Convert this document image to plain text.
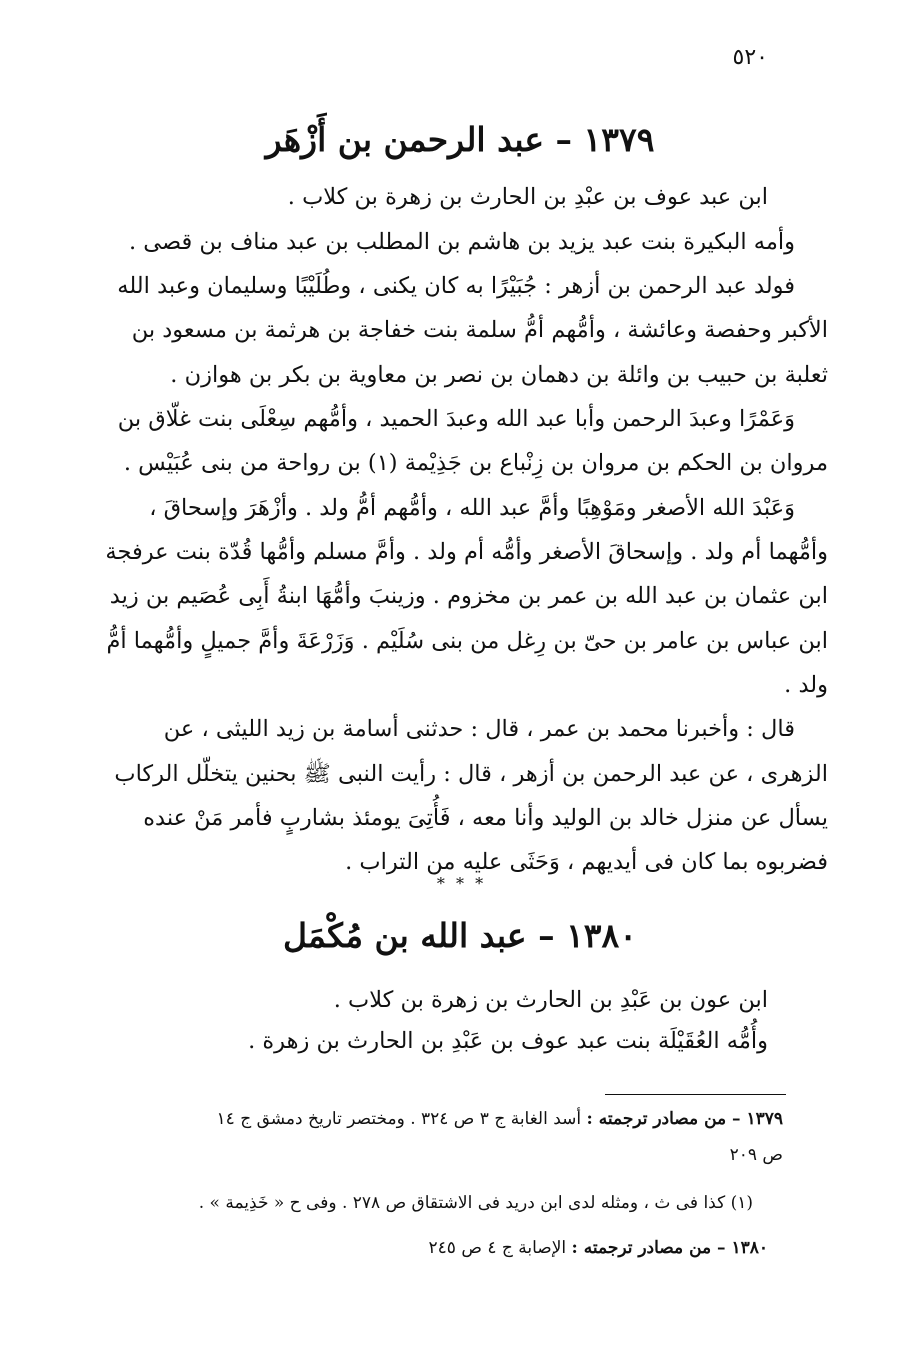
٥٢٠
١٣٧٩ – عبد الرحمن بن أَزْهَر
ابن عبد عوف بن عبْدِ بن الحارث بن زهرة بن كلاب .
وأمه البكيرة بنت عبد يزيد بن هاشم بن المطلب بن عبد مناف بن قصى .
فولد عبد الرحمن بن أزهر : جُبَيْرًا به كان يكنى ، وطُلَيْبًا وسليمان وعبد الله
الأكبر وحفصة وعائشة ، وأمُّهم أمُّ سلمة بنت خفاجة بن هرثمة بن مسعود بن
ثعلبة بن حبيب بن وائلة بن دهمان بن نصر بن معاوية بن بكر بن هوازن .
وَعَمْرًا وعبدَ الرحمن وأبا عبد الله وعبدَ الحميد ، وأمُّهم سِعْلَى بنت غلّاق بن
مروان بن الحكم بن مروان بن زِنْباع بن جَذِيْمة (١) بن رواحة من بنى عُبَيْس .
وَعَبْدَ الله الأصغر ومَوْهِبًا وأمَّ عبد الله ، وأمُّهم أمُّ ولد . وأزْهَرَ وإسحاقَ ،
وأمُّهما أم ولد . وإسحاقَ الأصغر وأمُّه أم ولد . وأمَّ مسلم وأمُّها قُدّة بنت عرفجة
ابن عثمان بن عبد الله بن عمر بن مخزوم . وزينبَ وأمُّهَا ابنةُ أَبِى عُصَيم بن زيد
ابن عباس بن عامر بن حىّ بن رِغل من بنى سُلَيْم . وَزَرْعَةَ وأمَّ جميلٍ وأمُّهما أمُّ
ولد .
قال : وأخبرنا محمد بن عمر ، قال : حدثنى أسامة بن زيد الليثى ، عن
الزهرى ، عن عبد الرحمن بن أزهر ، قال : رأيت النبى ﷺ بحنين يتخلّل الركاب
يسأل عن منزل خالد بن الوليد وأنا معه ، فَأُتِىَ يومئذ بشاربٍ فأمر مَنْ عنده
فضربوه بما كان فى أيديهم ، وَحَثَى عليه من التراب .
* * *
١٣٨٠ – عبد الله بن مُكْمَل
ابن عون بن عَبْدِ بن الحارث بن زهرة بن كلاب .
وأُمُّه العُقَيْلَة بنت عبد عوف بن عَبْدِ بن الحارث بن زهرة .
١٣٧٩ – من مصادر ترجمته : أسد الغابة ج ٣ ص ٣٢٤ . ومختصر تاريخ دمشق ج ١٤
ص ٢٠٩
(١) كذا فى ث ، ومثله لدى ابن دريد فى الاشتقاق ص ٢٧٨ . وفى ح « خَذِيمة » .
١٣٨٠ – من مصادر ترجمته : الإصابة ج ٤ ص ٢٤٥
